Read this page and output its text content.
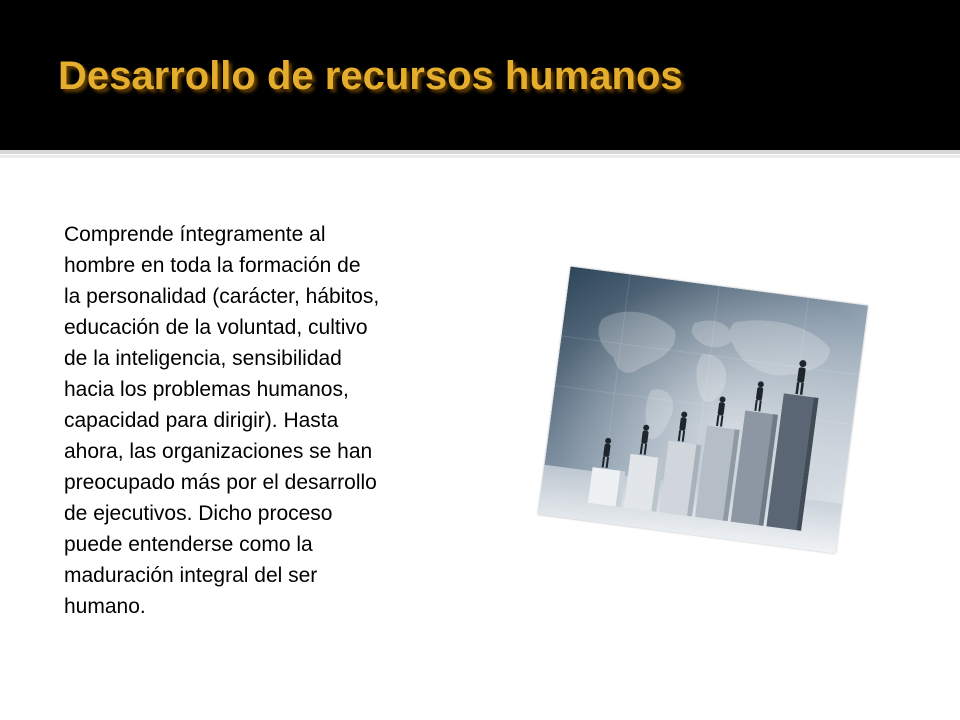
Desarrollo de recursos humanos
Comprende íntegramente al
hombre en toda la formación de
la personalidad (carácter, hábitos,
educación de la voluntad, cultivo
de la inteligencia, sensibilidad
hacia los problemas humanos,
capacidad para dirigir). Hasta
ahora, las organizaciones se han
preocupado más por el desarrollo
de ejecutivos. Dicho proceso
puede entenderse como la
maduración integral del ser
humano.
